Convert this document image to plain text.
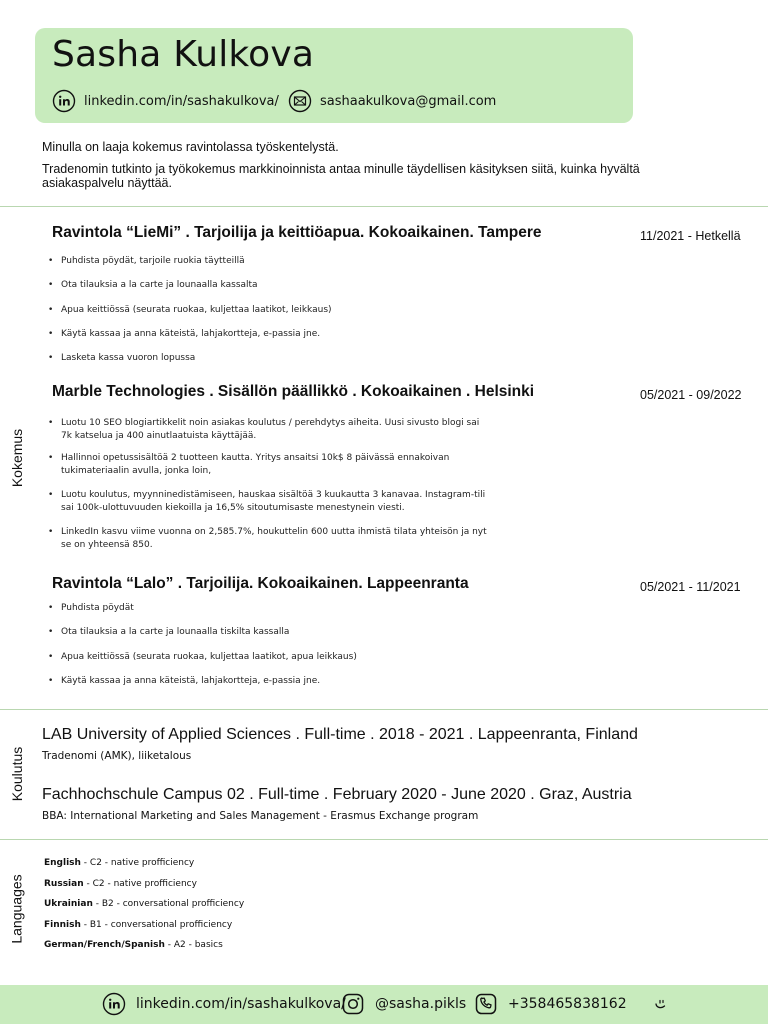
Sasha Kulkova
linkedin.com/in/sashakulkova/	sashaakulkova@gmail.com
Minulla on laaja kokemus ravintolassa työskentelystä.
Tradenomin tutkinto ja työkokemus markkinoinnista antaa minulle täydellisen käsityksen siitä, kuinka hyvältä asiakaspalvelu näyttää.
Kokemus
Ravintola “LieMi” . Tarjoilija ja keittiöapua. Kokoaikainen. Tampere	11/2021 - Hetkellä
• Puhdista pöydät, tarjoile ruokia täytteillä
• Ota tilauksia a la carte ja lounaalla kassalta
• Apua keittiössä (seurata ruokaa, kuljettaa laatikot, leikkaus)
• Käytä kassaa ja anna käteistä, lahjakortteja, e-passia jne.
• Lasketa kassa vuoron lopussa
Marble Technologies . Sisällön päällikkö . Kokoaikainen . Helsinki	05/2021 - 09/2022
• Luotu 10 SEO blogiartikkelit noin asiakas koulutus / perehdytys aiheita. Uusi sivusto blogi sai 7k katselua ja 400 ainutlaatuista käyttäjää.
• Hallinnoi opetussisältöä 2 tuotteen kautta. Yritys ansaitsi 10k$ 8 päivässä ennakoivan tukimateriaalin avulla, jonka loin,
• Luotu koulutus, myynninedistämiseen, hauskaa sisältöä 3 kuukautta 3 kanavaa. Instagram-tili sai 100k-ulottuvuuden kiekoilla ja 16,5% sitoutumisaste menestynein viesti.
• LinkedIn kasvu viime vuonna on 2,585.7%, houkuttelin 600 uutta ihmistä tilata yhteisön ja nyt se on yhteensä 850.
Ravintola “Lalo” . Tarjoilija. Kokoaikainen. Lappeenranta	05/2021 - 11/2021
• Puhdista pöydät
• Ota tilauksia a la carte ja lounaalla tiskilta kassalla
• Apua keittiössä (seurata ruokaa, kuljettaa laatikot, apua leikkaus)
• Käytä kassaa ja anna käteistä, lahjakortteja, e-passia jne.
Koulutus
LAB University of Applied Sciences . Full-time . 2018 - 2021 . Lappeenranta, Finland
Tradenomi (AMK), liiketalous
Fachhochschule Campus 02 . Full-time . February 2020 - June 2020 . Graz, Austria
BBA: International Marketing and Sales Management - Erasmus Exchange program
Languages
English - C2 - native profficiency
Russian - C2 - native profficiency
Ukrainian - B2 - conversational profficiency
Finnish - B1 - conversational profficiency
German/French/Spanish - A2 - basics
linkedin.com/in/sashakulkova/ @sasha.pikls	+358465838162
